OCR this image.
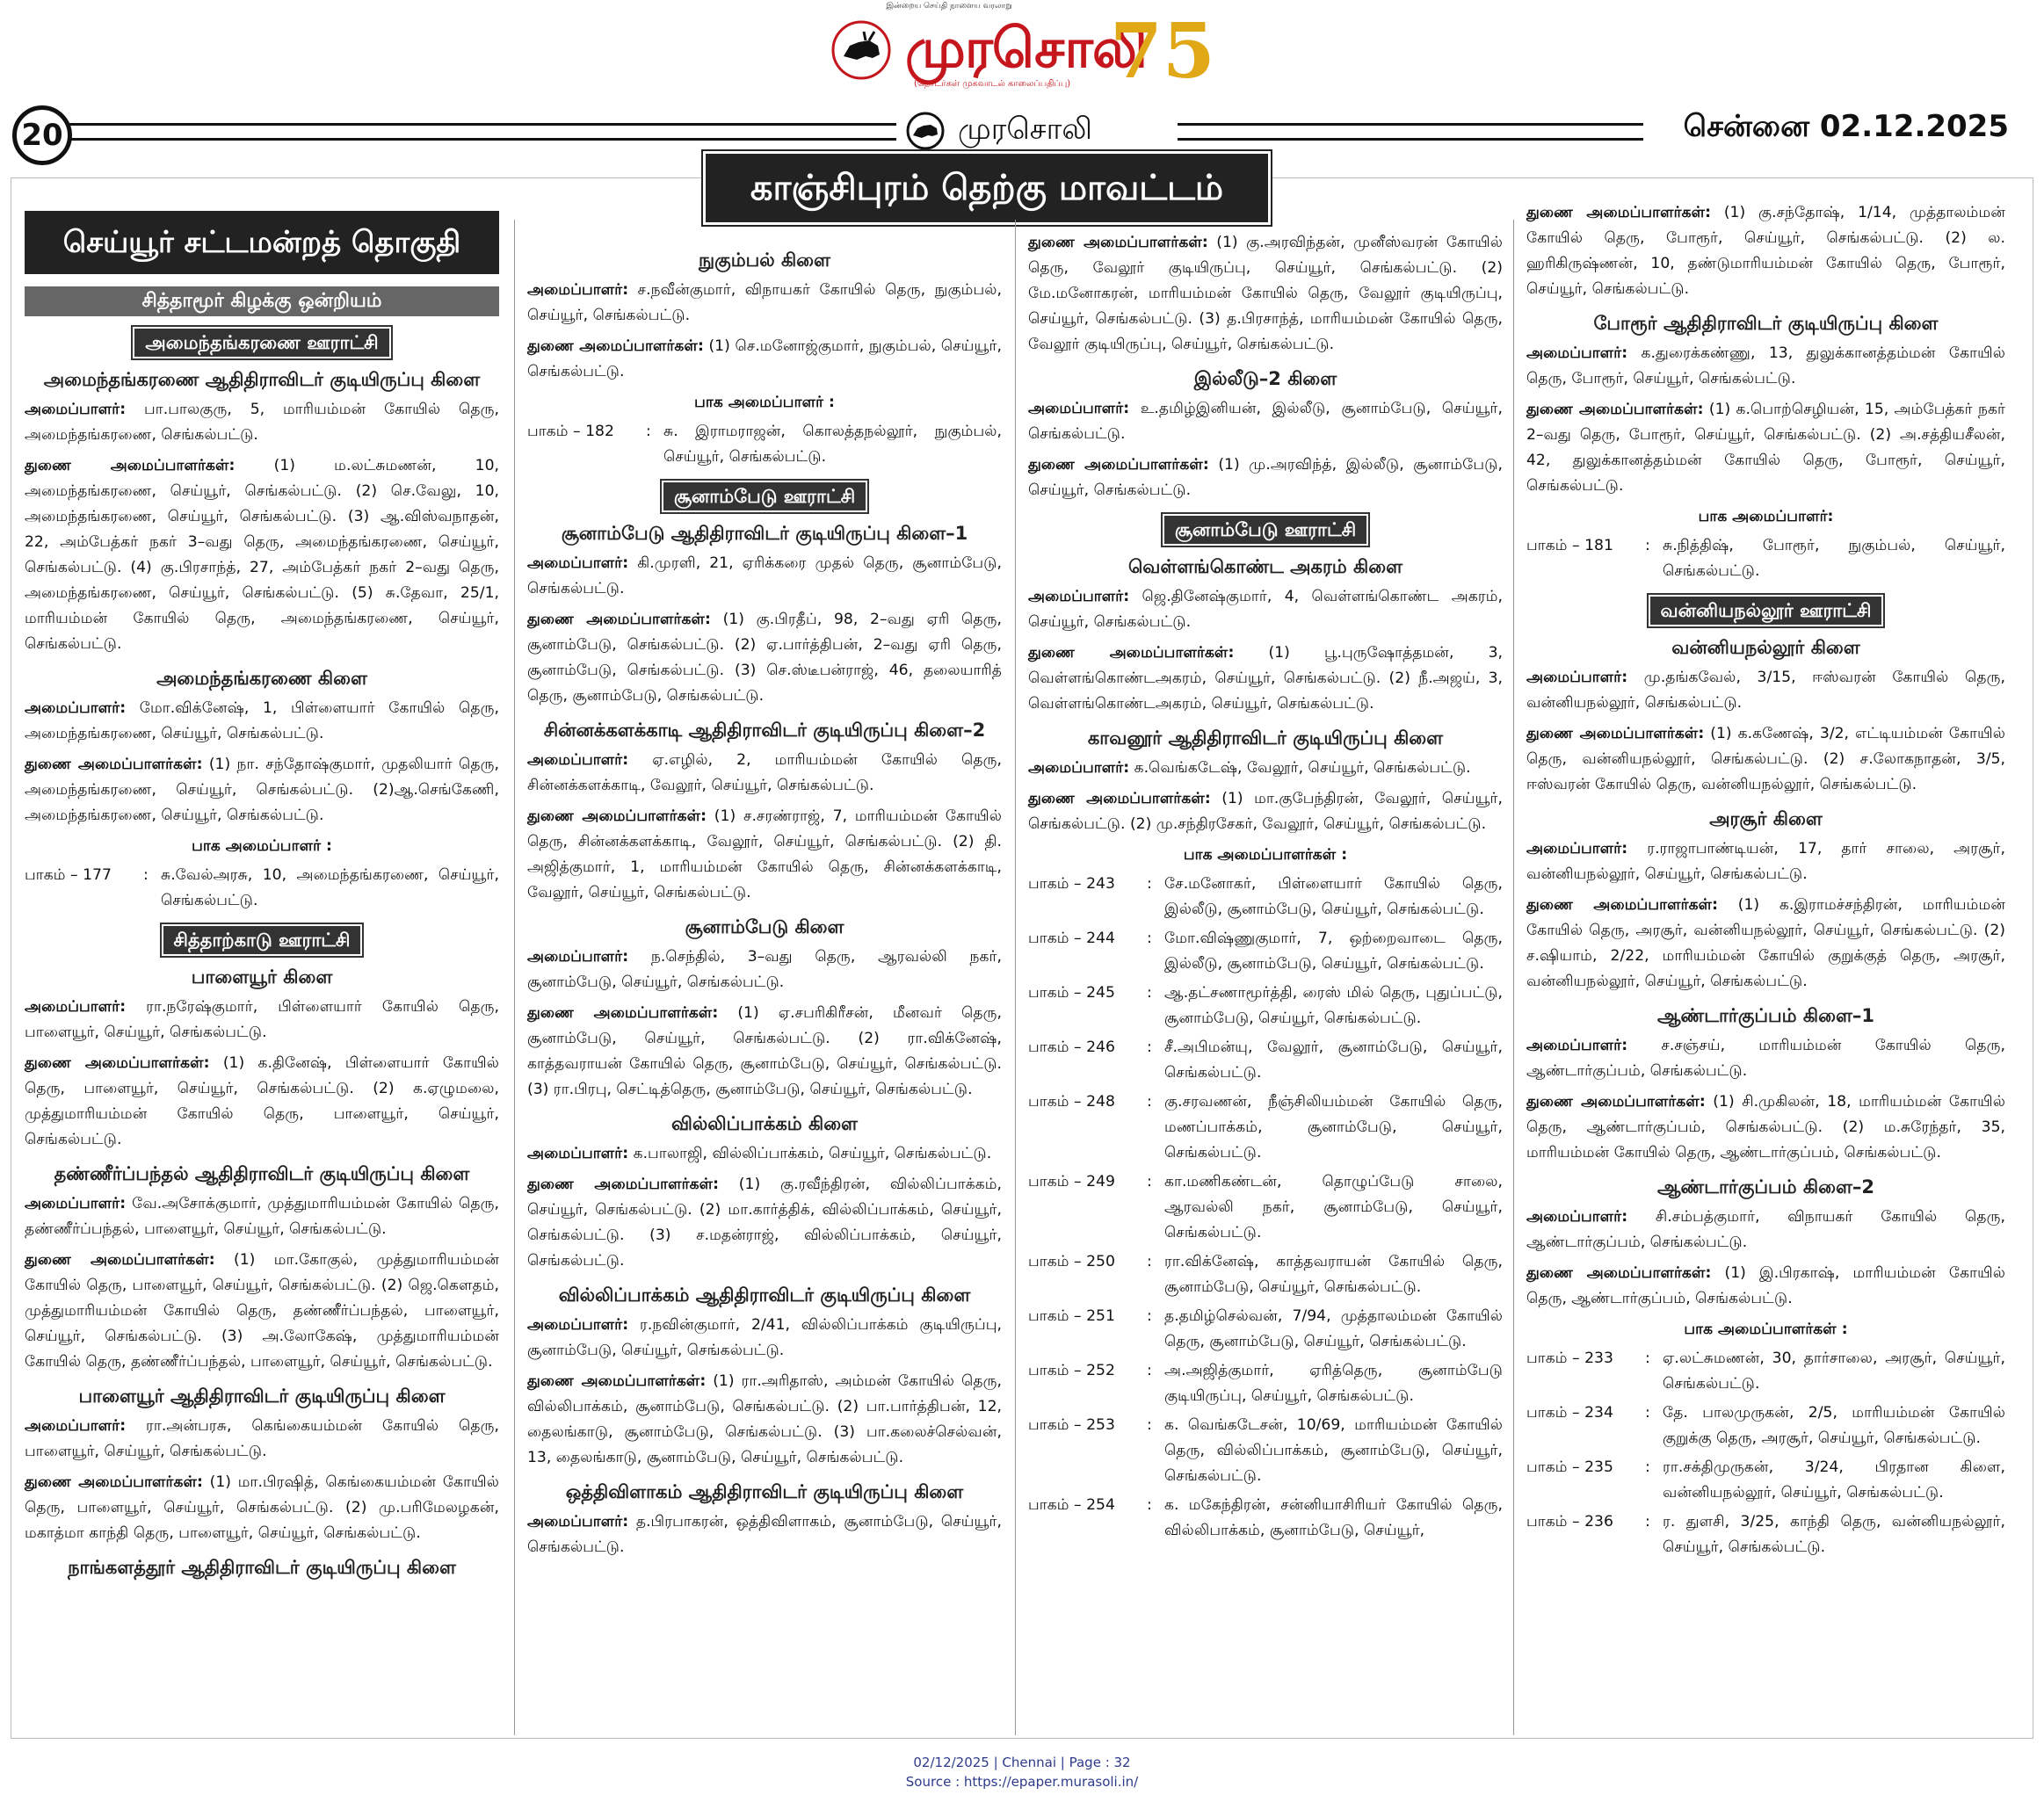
இன்றைய செய்தி நாளைய வரலாறு
முரசொலி
(தொடர்கள் முகவாடல் காலைப்பதிப்பு) 75
20	முரசொலி	சென்னை 02.12.2025
காஞ்சிபுரம் தெற்கு மாவட்டம்
செய்யூர் சட்டமன்றத் தொகுதி
சித்தாமூர் கிழக்கு ஒன்றியம்
அமைந்தங்கரணை ஊராட்சி
அமைந்தங்கரணை ஆதிதிராவிடர் குடியிருப்பு கிளை

அமைப்பாளர்: பா.பாலகுரு, 5, மாரியம்மன் கோயில் தெரு, அமைந்தங்கரணை, செங்கல்பட்டு.

துணை அமைப்பாளர்கள்:	(1) ம.லட்சுமணன், 10, அமைந்தங்கரணை, செய்யூர், செங்கல்பட்டு. (2) செ.வேலு, 10, அமைந்தங்கரணை, செய்யூர், செங்கல்பட்டு. (3) ஆ.விஸ்வநாதன், 22, அம்பேத்கர் நகர் 3–வது தெரு, அமைந்தங்கரணை, செய்யூர், செங்கல்பட்டு. (4) கு.பிரசாந்த், 27, அம்பேத்கர் நகர் 2–வது தெரு, அமைந்தங்கரணை, செய்யூர், செங்கல்பட்டு. (5) சு.தேவா, 25/1, மாரியம்மன் கோயில் தெரு, அமைந்தங்கரணை, செய்யூர், செங்கல்பட்டு.

அமைந்தங்கரணை கிளை

அமைப்பாளர்: மோ.விக்னேஷ், 1, பிள்ளையார் கோயில் தெரு, அமைந்தங்கரணை, செய்யூர், செங்கல்பட்டு.

துணை அமைப்பாளர்கள்: (1) நா. சந்தோஷ்குமார், முதலியார் தெரு, அமைந்தங்கரணை, செய்யூர், செங்கல்பட்டு. (2)ஆ.செங்கேணி, அமைந்தங்கரணை, செய்யூர், செங்கல்பட்டு.

பாக அமைப்பாளர் :
பாகம் – 177	: சு.வேல்அரசு, 10, அமைந்தங்கரணை, செய்யூர், செங்கல்பட்டு.
சித்தாற்காடு ஊராட்சி
பாளையூர் கிளை

அமைப்பாளர்: ரா.நரேஷ்குமார், பிள்ளையார் கோயில் தெரு, பாளையூர், செய்யூர், செங்கல்பட்டு.

துணை அமைப்பாளர்கள்: (1) க.தினேஷ், பிள்ளையார் கோயில் தெரு, பாளையூர், செய்யூர், செங்கல்பட்டு. (2) க.ஏழுமலை, முத்துமாரியம்மன் கோயில் தெரு, பாளையூர், செய்யூர், செங்கல்பட்டு.

தண்ணீர்ப்பந்தல் ஆதிதிராவிடர் குடியிருப்பு கிளை

அமைப்பாளர்: வே.அசோக்குமார், முத்துமாரியம்மன் கோயில் தெரு, தண்ணீர்ப்பந்தல், பாளையூர், செய்யூர், செங்கல்பட்டு.

துணை அமைப்பாளர்கள்: (1) மா.கோகுல், முத்துமாரியம்மன் கோயில் தெரு, பாளையூர், செய்யூர், செங்கல்பட்டு. (2) ஜெ.கௌதம், முத்துமாரியம்மன் கோயில் தெரு, தண்ணீர்ப்பந்தல், பாளையூர், செய்யூர், செங்கல்பட்டு. (3) அ.லோகேஷ், முத்துமாரியம்மன் கோயில் தெரு, தண்ணீர்ப்பந்தல், பாளையூர், செய்யூர், செங்கல்பட்டு.

பாளையூர் ஆதிதிராவிடர் குடியிருப்பு கிளை

அமைப்பாளர்: ரா.அன்பரசு, கெங்கையம்மன் கோயில் தெரு, பாளையூர், செய்யூர், செங்கல்பட்டு.

துணை அமைப்பாளர்கள்: (1) மா.பிரஷித், கெங்கையம்மன் கோயில் தெரு, பாளையூர், செய்யூர், செங்கல்பட்டு. (2) மு.பரிமேலழகன், மகாத்மா காந்தி தெரு, பாளையூர், செய்யூர், செங்கல்பட்டு.

நாங்களத்தூர் ஆதிதிராவிடர் குடியிருப்பு கிளை
நுகும்பல் கிளை

அமைப்பாளர்: ச.நவீன்குமார், விநாயகர் கோயில் தெரு, நுகும்பல், செய்யூர், செங்கல்பட்டு.

துணை அமைப்பாளர்கள்: (1) செ.மனோஜ்குமார், நுகும்பல், செய்யூர், செங்கல்பட்டு.

பாக அமைப்பாளர் :
பாகம் – 182	: சு. இராமராஜன், கொலத்தநல்லூர், நுகும்பல், செய்யூர், செங்கல்பட்டு.
சூனாம்பேடு ஊராட்சி
சூனாம்பேடு ஆதிதிராவிடர் குடியிருப்பு கிளை–1

அமைப்பாளர்: கி.முரளி, 21, ஏரிக்கரை முதல் தெரு, சூனாம்பேடு, செங்கல்பட்டு.

துணை அமைப்பாளர்கள்: (1) கு.பிரதீப், 98, 2–வது ஏரி தெரு, சூனாம்பேடு, செங்கல்பட்டு. (2) ஏ.பார்த்திபன், 2–வது ஏரி தெரு, சூனாம்பேடு, செங்கல்பட்டு. (3) செ.ஸ்டீபன்ராஜ், 46, தலையாரித் தெரு, சூனாம்பேடு, செங்கல்பட்டு.

சின்னக்களக்காடி ஆதிதிராவிடர் குடியிருப்பு கிளை–2

அமைப்பாளர்: ஏ.எழில், 2, மாரியம்மன் கோயில் தெரு, சின்னக்களக்காடி, வேலூர், செய்யூர், செங்கல்பட்டு.

துணை அமைப்பாளர்கள்: (1) ச.சரண்ராஜ், 7, மாரியம்மன் கோயில் தெரு, சின்னக்களக்காடி, வேலூர், செய்யூர், செங்கல்பட்டு. (2) தி. அஜித்குமார், 1, மாரியம்மன் கோயில் தெரு, சின்னக்களக்காடி, வேலூர், செய்யூர், செங்கல்பட்டு.

சூனாம்பேடு கிளை

அமைப்பாளர்: ந.செந்தில், 3–வது தெரு, ஆரவல்லி நகர், சூனாம்பேடு, செய்யூர், செங்கல்பட்டு.

துணை அமைப்பாளர்கள்: (1) ஏ.சபரிகிரீசன், மீனவர் தெரு, சூனாம்பேடு, செய்யூர், செங்கல்பட்டு. (2) ரா.விக்னேஷ், காத்தவராயன் கோயில் தெரு, சூனாம்பேடு, செய்யூர், செங்கல்பட்டு. (3) ரா.பிரபு, செட்டித்தெரு, சூனாம்பேடு, செய்யூர், செங்கல்பட்டு.

வில்லிப்பாக்கம் கிளை

அமைப்பாளர்: க.பாலாஜி, வில்லிப்பாக்கம், செய்யூர், செங்கல்பட்டு.

துணை அமைப்பாளர்கள்: (1) கு.ரவீந்திரன், வில்லிப்பாக்கம், செய்யூர், செங்கல்பட்டு. (2) மா.கார்த்திக், வில்லிப்பாக்கம், செய்யூர், செங்கல்பட்டு. (3) ச.மதன்ராஜ், வில்லிப்பாக்கம், செய்யூர், செங்கல்பட்டு.

வில்லிப்பாக்கம் ஆதிதிராவிடர் குடியிருப்பு கிளை

அமைப்பாளர்: ர.நவின்குமார், 2/41, வில்லிப்பாக்கம் குடியிருப்பு, சூனாம்பேடு, செய்யூர், செங்கல்பட்டு.

துணை அமைப்பாளர்கள்: (1) ரா.அரிதாஸ், அம்மன் கோயில் தெரு, வில்லிபாக்கம், சூனாம்பேடு, செங்கல்பட்டு. (2) பா.பார்த்திபன், 12, தைலங்காடு, சூனாம்பேடு, செங்கல்பட்டு. (3) பா.கலைச்செல்வன், 13, தைலங்காடு, சூனாம்பேடு, செய்யூர், செங்கல்பட்டு.

ஒத்திவிளாகம் ஆதிதிராவிடர் குடியிருப்பு கிளை

அமைப்பாளர்: த.பிரபாகரன், ஒத்திவிளாகம், சூனாம்பேடு, செய்யூர், செங்கல்பட்டு.

துணை அமைப்பாளர்கள்: (1) கு.அரவிந்தன், முனீஸ்வரன் கோயில் தெரு, வேலூர் குடியிருப்பு, செய்யூர், செங்கல்பட்டு. (2) மே.மனோகரன், மாரியம்மன் கோயில் தெரு, வேலூர் குடியிருப்பு, செய்யூர், செங்கல்பட்டு. (3) த.பிரசாந்த், மாரியம்மன் கோயில் தெரு, வேலூர் குடியிருப்பு, செய்யூர், செங்கல்பட்டு.

இல்லீடு–2 கிளை

அமைப்பாளர்: உ.தமிழ்இனியன், இல்லீடு, சூனாம்பேடு, செய்யூர், செங்கல்பட்டு.

துணை அமைப்பாளர்கள்: (1) மு.அரவிந்த், இல்லீடு, சூனாம்பேடு, செய்யூர், செங்கல்பட்டு.

சூனாம்பேடு ஊராட்சி
வெள்ளங்கொண்ட அகரம் கிளை

அமைப்பாளர்: ஜெ.தினேஷ்குமார், 4, வெள்ளங்கொண்ட அகரம், செய்யூர், செங்கல்பட்டு.

துணை அமைப்பாளர்கள்: (1) பூ.புருஷோத்தமன், 3, வெள்ளங்கொண்டஅகரம், செய்யூர், செங்கல்பட்டு. (2) நீ.அஜய், 3, வெள்ளங்கொண்டஅகரம், செய்யூர், செங்கல்பட்டு.

காவனூர் ஆதிதிராவிடர் குடியிருப்பு கிளை

அமைப்பாளர்: க.வெங்கடேஷ், வேலூர், செய்யூர், செங்கல்பட்டு.

துணை அமைப்பாளர்கள்: (1) மா.குபேந்திரன், வேலூர், செய்யூர், செங்கல்பட்டு. (2) மு.சந்திரசேகர், வேலூர், செய்யூர், செங்கல்பட்டு.

பாக அமைப்பாளர்கள் :
பாகம் – 243	: சே.மனோகர், பிள்ளையார் கோயில் தெரு, இல்லீடு, சூனாம்பேடு, செய்யூர், செங்கல்பட்டு.
பாகம் – 244	: மோ.விஷ்ணுகுமார், 7, ஒற்றைவாடை தெரு, இல்லீடு, சூனாம்பேடு, செய்யூர், செங்கல்பட்டு.
பாகம் – 245	: ஆ.தட்சணாமூர்த்தி, ரைஸ் மில் தெரு, புதுப்பட்டு, சூனாம்பேடு, செய்யூர், செங்கல்பட்டு.
பாகம் – 246	: சீ.அபிமன்யு, வேலூர், சூனாம்பேடு, செய்யூர், செங்கல்பட்டு.
பாகம் – 248	: கு.சரவணன், நீஞ்சிலியம்மன் கோயில் தெரு, மணப்பாக்கம், சூனாம்பேடு, செய்யூர், செங்கல்பட்டு.
பாகம் – 249	: கா.மணிகண்டன், தொழுப்பேடு சாலை, ஆரவல்லி நகர், சூனாம்பேடு, செய்யூர், செங்கல்பட்டு.
பாகம் – 250	: ரா.விக்னேஷ், காத்தவராயன் கோயில் தெரு, சூனாம்பேடு, செய்யூர், செங்கல்பட்டு.
பாகம் – 251	: த.தமிழ்செல்வன், 7/94, முத்தாலம்மன் கோயில் தெரு, சூனாம்பேடு, செய்யூர், செங்கல்பட்டு.
பாகம் – 252	: அ.அஜித்குமார், ஏரித்தெரு, சூனாம்பேடு குடியிருப்பு, செய்யூர், செங்கல்பட்டு.
பாகம் – 253	: க. வெங்கடேசன், 10/69, மாரியம்மன் கோயில் தெரு, வில்லிப்பாக்கம், சூனாம்பேடு, செய்யூர், செங்கல்பட்டு.
பாகம் – 254	: க. மகேந்திரன், சன்னியாசிரியர் கோயில் தெரு, வில்லிபாக்கம், சூனாம்பேடு, செய்யூர்,

துணை அமைப்பாளர்கள்: (1) கு.சந்தோஷ், 1/14, முத்தாலம்மன் கோயில் தெரு, போரூர், செய்யூர், செங்கல்பட்டு. (2) ல. ஹரிகிருஷ்ணன், 10, தண்டுமாரியம்மன் கோயில் தெரு, போரூர், செய்யூர், செங்கல்பட்டு.

போரூர் ஆதிதிராவிடர் குடியிருப்பு கிளை

அமைப்பாளர்: க.துரைக்கண்ணு, 13, துலுக்கானத்தம்மன் கோயில் தெரு, போரூர், செய்யூர், செங்கல்பட்டு.

துணை அமைப்பாளர்கள்: (1) க.பொற்செழியன், 15, அம்பேத்கர் நகர் 2–வது தெரு, போரூர், செய்யூர், செங்கல்பட்டு. (2) அ.சத்தியசீலன், 42, துலுக்கானத்தம்மன் கோயில் தெரு, போரூர், செய்யூர், செங்கல்பட்டு.

பாக அமைப்பாளர்:
பாகம் – 181	: சு.நித்திஷ், போரூர், நுகும்பல், செய்யூர், செங்கல்பட்டு.
வன்னியநல்லூர் ஊராட்சி
வன்னியநல்லூர் கிளை

அமைப்பாளர்: மு.தங்கவேல், 3/15, ஈஸ்வரன் கோயில் தெரு, வன்னியநல்லூர், செங்கல்பட்டு.

துணை அமைப்பாளர்கள்: (1) க.கணேஷ், 3/2, எட்டியம்மன் கோயில் தெரு, வன்னியநல்லூர், செங்கல்பட்டு. (2) ச.லோகநாதன், 3/5, ஈஸ்வரன் கோயில் தெரு, வன்னியநல்லூர், செங்கல்பட்டு.

அரசூர் கிளை

அமைப்பாளர்: ர.ராஜாபாண்டியன், 17, தார் சாலை, அரசூர், வன்னியநல்லூர், செய்யூர், செங்கல்பட்டு.

துணை அமைப்பாளர்கள்: (1) க.இராமச்சந்திரன், மாரியம்மன் கோயில் தெரு, அரசூர், வன்னியநல்லூர், செய்யூர், செங்கல்பட்டு. (2) ச.ஷியாம், 2/22, மாரியம்மன் கோயில் குறுக்குத் தெரு, அரசூர், வன்னியநல்லூர், செய்யூர், செங்கல்பட்டு.

ஆண்டார்குப்பம் கிளை–1

அமைப்பாளர்: ச.சஞ்சய், மாரியம்மன் கோயில் தெரு, ஆண்டார்குப்பம், செங்கல்பட்டு.

துணை அமைப்பாளர்கள்: (1) சி.முகிலன், 18, மாரியம்மன் கோயில் தெரு, ஆண்டார்குப்பம், செங்கல்பட்டு. (2) ம.சுரேந்தர், 35, மாரியம்மன் கோயில் தெரு, ஆண்டார்குப்பம், செங்கல்பட்டு.

ஆண்டார்குப்பம் கிளை–2

அமைப்பாளர்: சி.சம்பத்குமார், விநாயகர் கோயில் தெரு, ஆண்டார்குப்பம், செங்கல்பட்டு.

துணை அமைப்பாளர்கள்: (1) இ.பிரகாஷ், மாரியம்மன் கோயில் தெரு, ஆண்டார்குப்பம், செங்கல்பட்டு.

பாக அமைப்பாளர்கள் :
பாகம் – 233	: ஏ.லட்சுமணன், 30, தார்சாலை, அரசூர், செய்யூர், செங்கல்பட்டு.
பாகம் – 234	: தே. பாலமுருகன், 2/5, மாரியம்மன் கோயில் குறுக்கு தெரு, அரசூர், செய்யூர், செங்கல்பட்டு.
பாகம் – 235	: ரா.சக்திமுருகன், 3/24, பிரதான கிளை, வன்னியநல்லூர், செய்யூர், செங்கல்பட்டு.
பாகம் – 236	: ர. துளசி, 3/25, காந்தி தெரு, வன்னியநல்லூர், செய்யூர், செங்கல்பட்டு.
02/12/2025 | Chennai | Page : 32
Source : https://epaper.murasoli.in/
